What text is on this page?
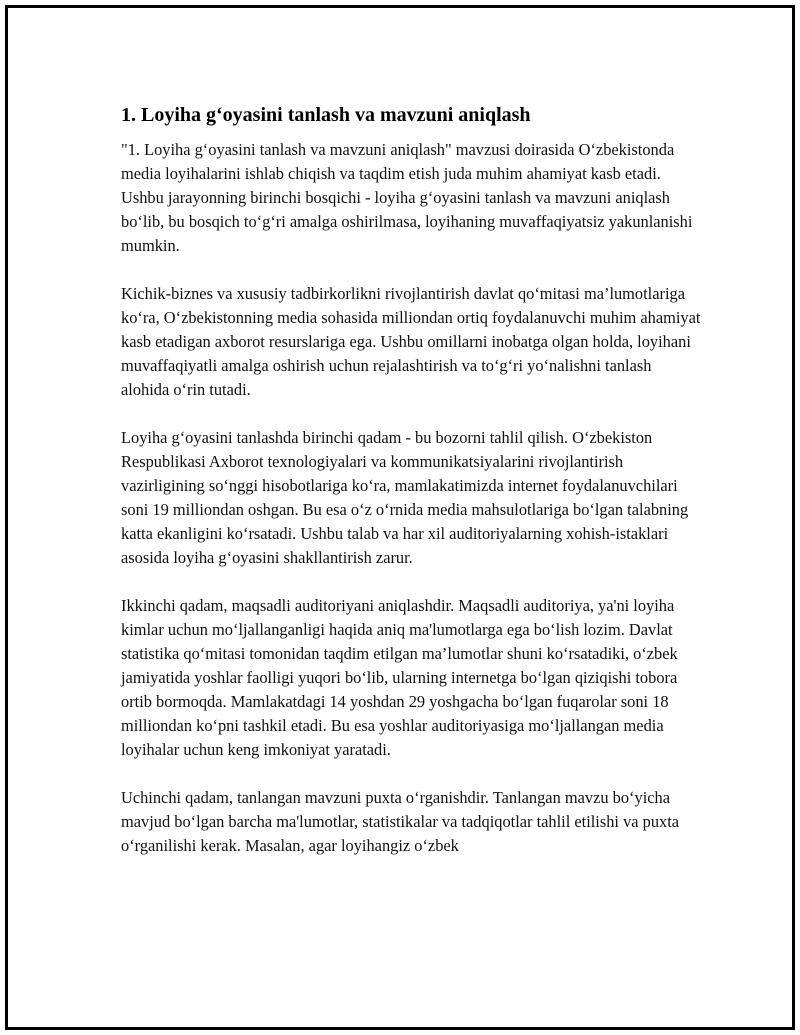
1. Loyiha g‘oyasini tanlash va mavzuni aniqlash

"1. Loyiha g‘oyasini tanlash va mavzuni aniqlash" mavzusi doirasida O‘zbekistonda media loyihalarini ishlab chiqish va taqdim etish juda muhim ahamiyat kasb etadi. Ushbu jarayonning birinchi bosqichi - loyiha g‘oyasini tanlash va mavzuni aniqlash bo‘lib, bu bosqich to‘g‘ri amalga oshirilmasa, loyihaning muvaffaqiyatsiz yakunlanishi mumkin.

Kichik-biznes va xususiy tadbirkorlikni rivojlantirish davlat qo‘mitasi ma’lumotlariga ko‘ra, O‘zbekistonning media sohasida milliondan ortiq foydalanuvchi muhim ahamiyat kasb etadigan axborot resurslariga ega. Ushbu omillarni inobatga olgan holda, loyihani muvaffaqiyatli amalga oshirish uchun rejalashtirish va to‘g‘ri yo‘nalishni tanlash alohida o‘rin tutadi.

Loyiha g‘oyasini tanlashda birinchi qadam - bu bozorni tahlil qilish. O‘zbekiston Respublikasi Axborot texnologiyalari va kommunikatsiyalarini rivojlantirish vazirligining so‘nggi hisobotlariga ko‘ra, mamlakatimizda internet foydalanuvchilari soni 19 milliondan oshgan. Bu esa o‘z o‘rnida media mahsulotlariga bo‘lgan talabning katta ekanligini ko‘rsatadi. Ushbu talab va har xil auditoriyalarning xohish-istaklari asosida loyiha g‘oyasini shakllantirish zarur.

Ikkinchi qadam, maqsadli auditoriyani aniqlashdir. Maqsadli auditoriya, ya'ni loyiha kimlar uchun mo‘ljallanganligi haqida aniq ma'lumotlarga ega bo‘lish lozim. Davlat statistika qo‘mitasi tomonidan taqdim etilgan ma’lumotlar shuni ko‘rsatadiki, o‘zbek jamiyatida yoshlar faolligi yuqori bo‘lib, ularning internetga bo‘lgan qiziqishi tobora ortib bormoqda. Mamlakatdagi 14 yoshdan 29 yoshgacha bo‘lgan fuqarolar soni 18 milliondan ko‘pni tashkil etadi. Bu esa yoshlar auditoriyasiga mo‘ljallangan media loyihalar uchun keng imkoniyat yaratadi.

Uchinchi qadam, tanlangan mavzuni puxta o‘rganishdir. Tanlangan mavzu bo‘yicha mavjud bo‘lgan barcha ma'lumotlar, statistikalar va tadqiqotlar tahlil etilishi va puxta o‘rganilishi kerak. Masalan, agar loyihangiz o‘zbek
